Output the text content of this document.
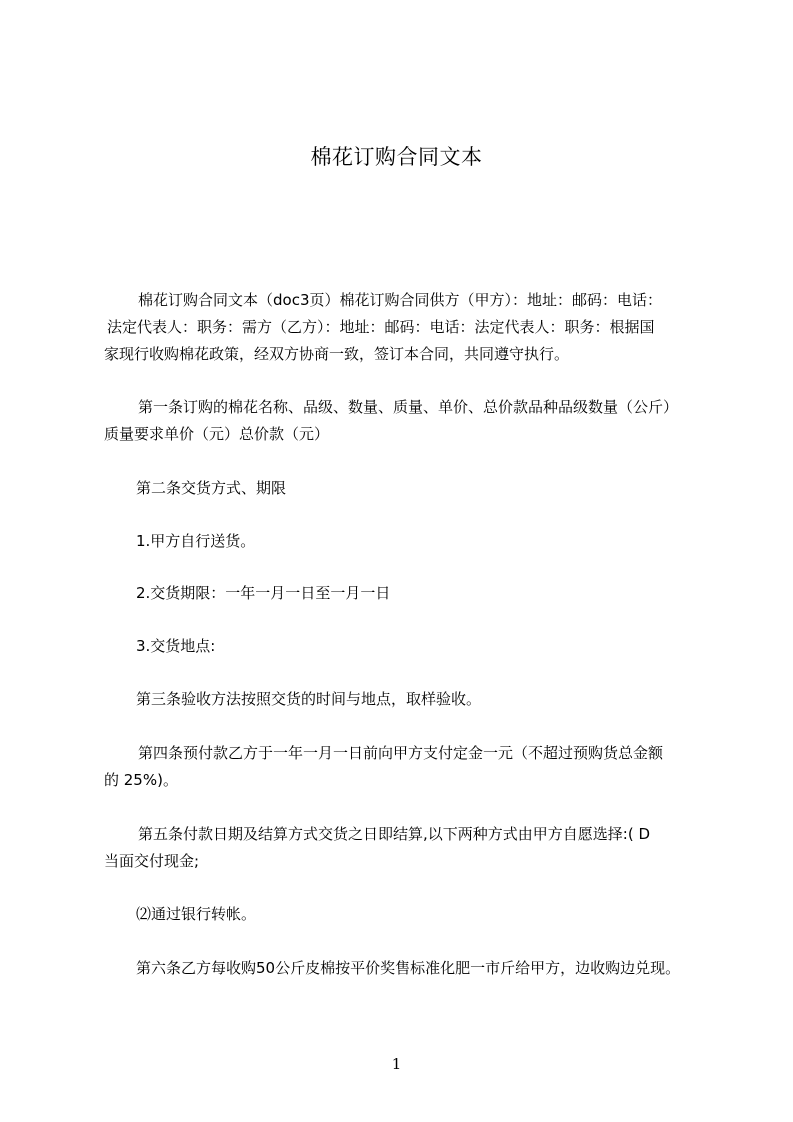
棉花订购合同文本
棉花订购合同文本（doc3页）棉花订购合同供方（甲方）：地址：邮码：电话：
法定代表人：职务：需方（乙方）：地址：邮码：电话：法定代表人：职务：根据国
家现行收购棉花政策，经双方协商一致，签订本合同，共同遵守执行。
第一条订购的棉花名称、品级、数量、质量、单价、总价款品种品级数量（公斤）
质量要求单价（元）总价款（元）
第二条交货方式、期限
1.甲方自行送货。
2.交货期限：一年一月一日至一月一日
3.交货地点:
第三条验收方法按照交货的时间与地点，取样验收。
第四条预付款乙方于一年一月一日前向甲方支付定金一元（不超过预购货总金额
的 25%)。
第五条付款日期及结算方式交货之日即结算,以下两种方式由甲方自愿选择:( D
当面交付现金;
⑵通过银行转帐。
第六条乙方每收购50公斤皮棉按平价奖售标准化肥一市斤给甲方，边收购边兑现。
1
